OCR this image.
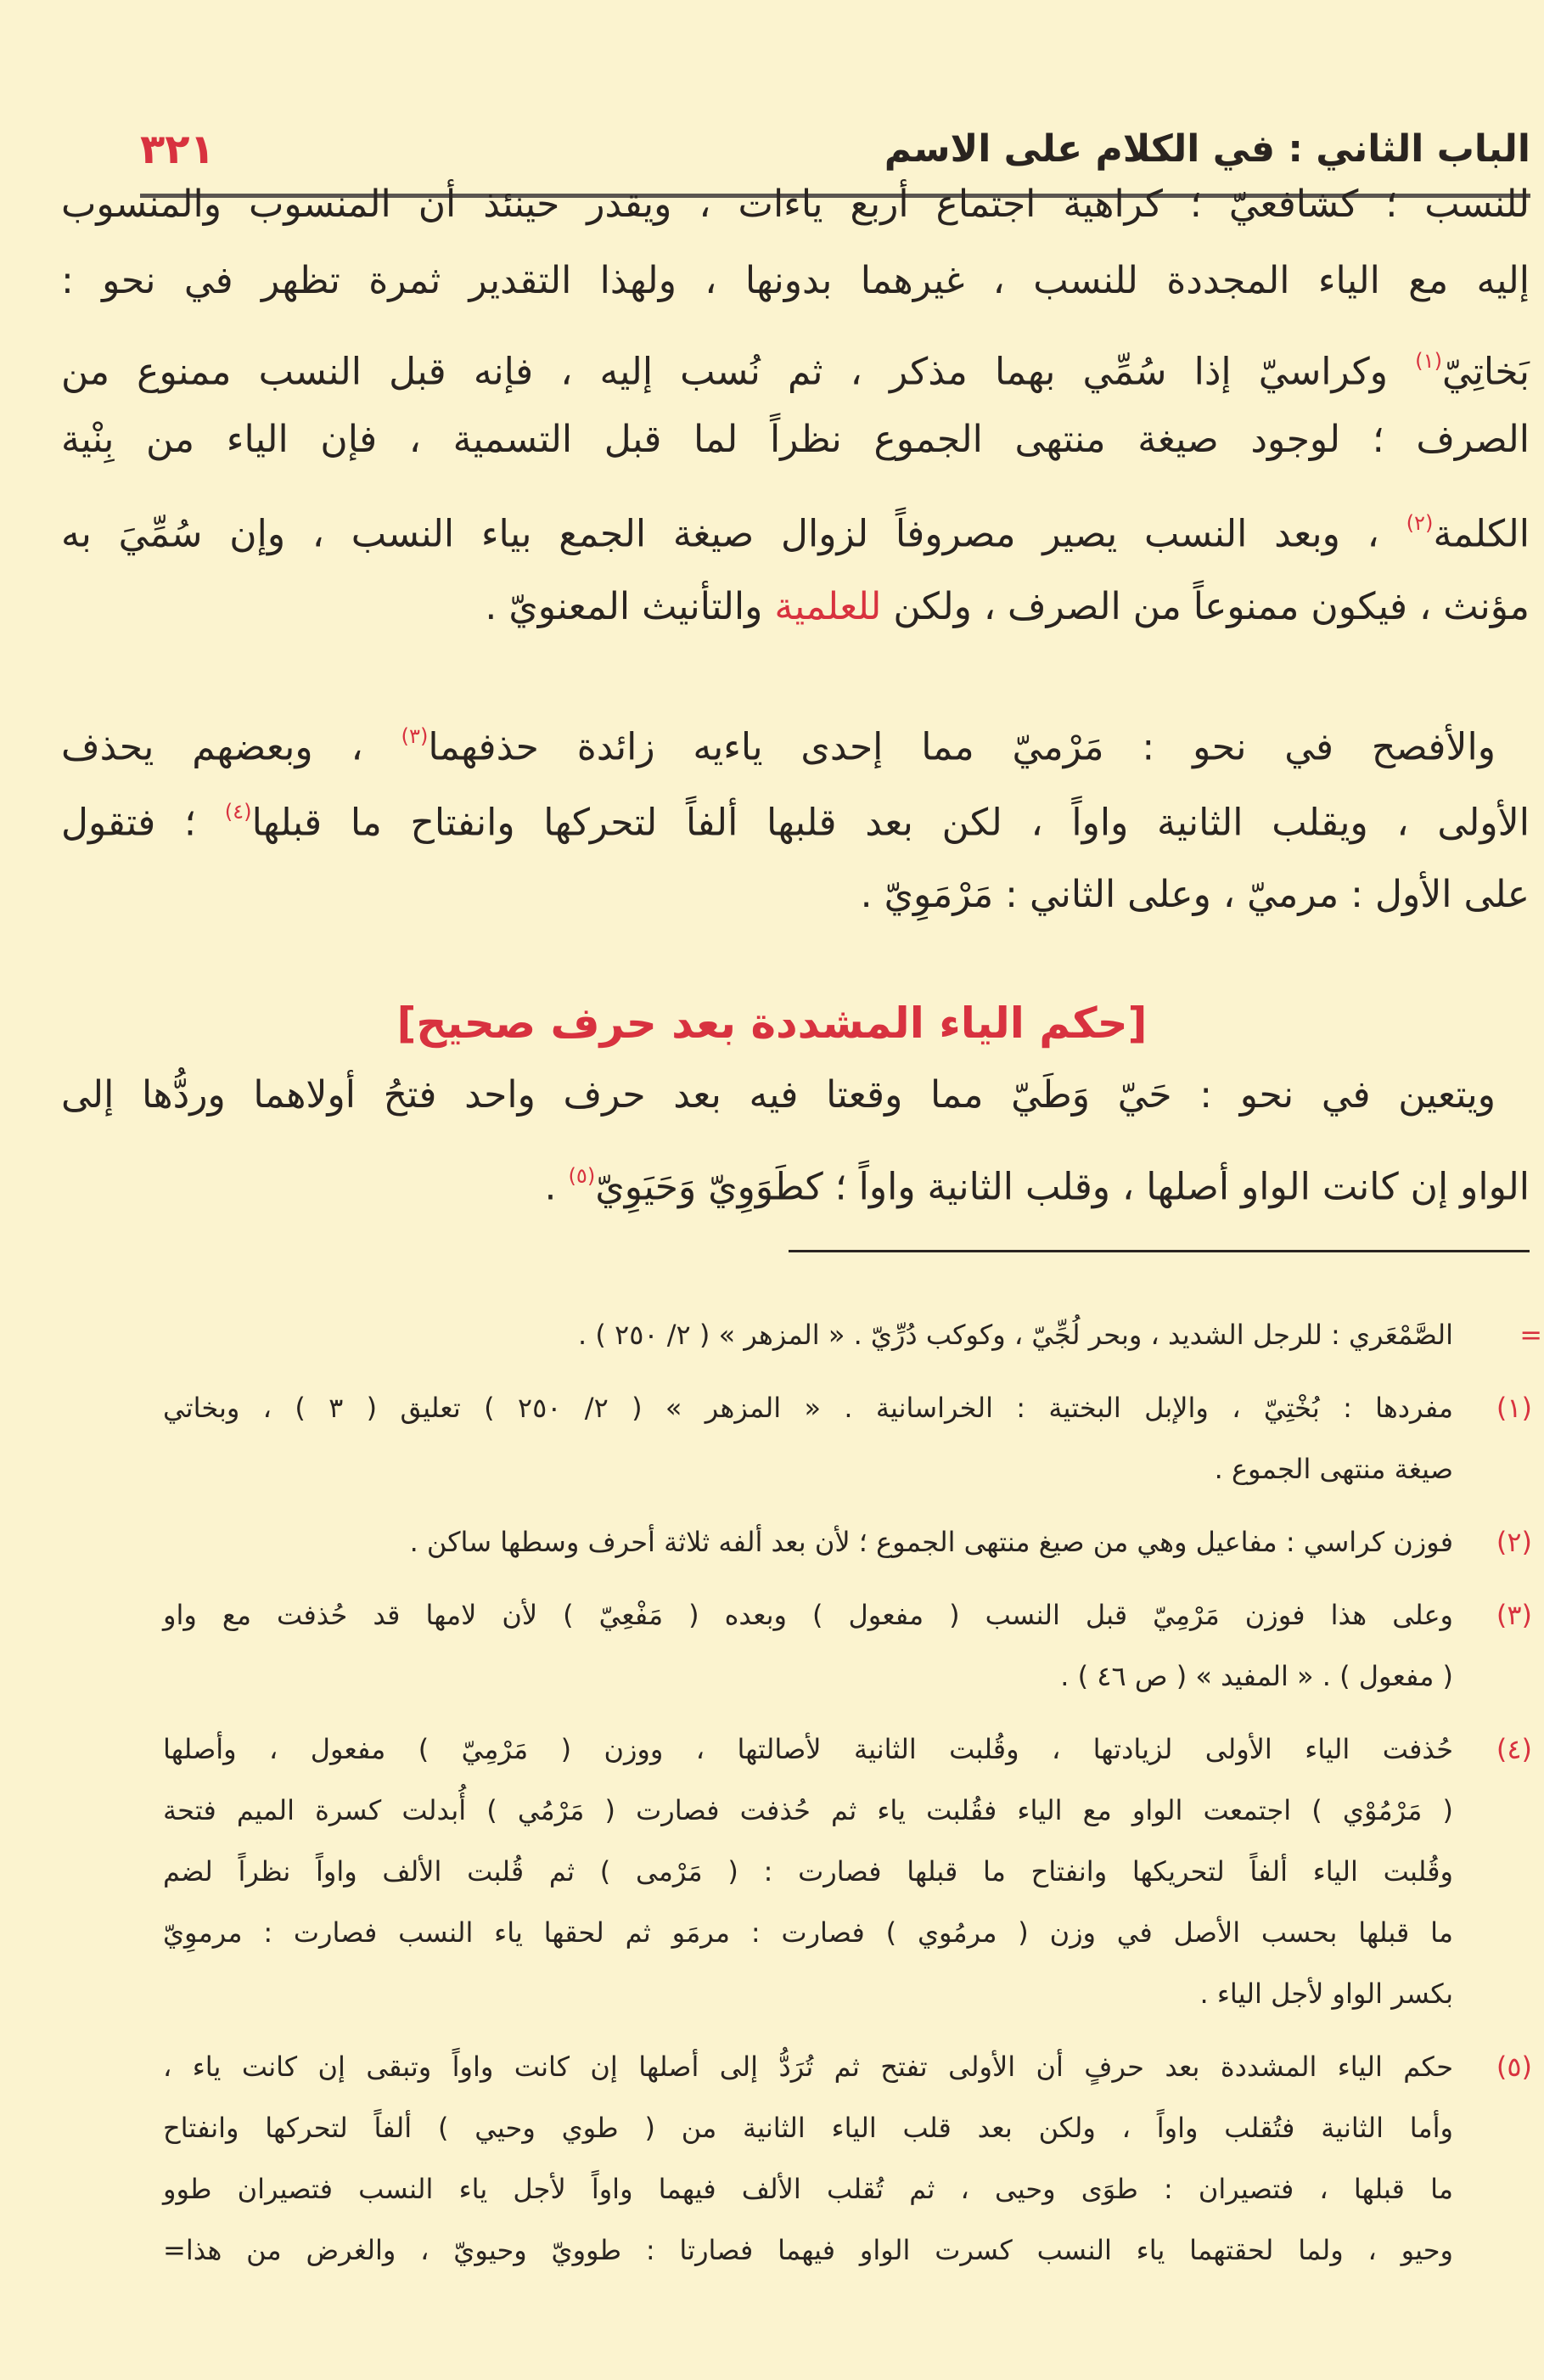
الباب الثاني : في الكلام على الاسم
٣٢١
للنسب ؛ كشافعيّ ؛ كراهية اجتماع أربع ياءات ، ويقدر حينئذ أن المنسوب والمنسوب
إليه مع الياء المجددة للنسب ، غيرهما بدونها ، ولهذا التقدير ثمرة تظهر في نحو :
بَخاتِيّ$^{(١)}$ وكراسيّ إذا سُمِّي بهما مذكر ، ثم نُسب إليه ، فإنه قبل النسب ممنوع من
الصرف ؛ لوجود صيغة منتهى الجموع نظراً لما قبل التسمية ، فإن الياء من بِنْية
الكلمة$^{(٢)}$ ، وبعد النسب يصير مصروفاً لزوال صيغة الجمع بياء النسب ، وإن سُمِّيَ به
مؤنث ، فيكون ممنوعاً من الصرف ، ولكن للعلمية والتأنيث المعنويّ .
والأفصح في نحو : مَرْميّ مما إحدى ياءيه زائدة حذفهما$^{(٣)}$ ، وبعضهم يحذف
الأولى ، ويقلب الثانية واواً ، لكن بعد قلبها ألفاً لتحركها وانفتاح ما قبلها$^{(٤)}$ ؛ فتقول
على الأول : مرميّ ، وعلى الثاني : مَرْمَوِيّ .
ويتعين في نحو : حَيّ وَطَيّ مما وقعتا فيه بعد حرف واحد فتحُ أولاهما وردُّها إلى
الواو إن كانت الواو أصلها ، وقلب الثانية واواً ؛ كطَوَوِيّ وَحَيَوِيّ$^{(٥)}$ .
[حكم الياء المشددة بعد حرف صحيح]
=
الصَّمْعَري : للرجل الشديد ، وبحر لُجِّيّ ، وكوكب دُرِّيّ . « المزهر » ( ٢/ ٢٥٠ ) .
(١)
مفردها : بُخْتِيّ ، والإبل البختية : الخراسانية . « المزهر » ( ٢/ ٢٥٠ ) تعليق ( ٣ ) ، وبخاتي
صيغة منتهى الجموع .
(٢)
فوزن كراسي : مفاعيل وهي من صيغ منتهى الجموع ؛ لأن بعد ألفه ثلاثة أحرف وسطها ساكن .
(٣)
وعلى هذا فوزن مَرْمِيّ قبل النسب ( مفعول ) وبعده ( مَفْعِيّ ) لأن لامها قد حُذفت مع واو
( مفعول ) . « المفيد » ( ص ٤٦ ) .
(٤)
حُذفت الياء الأولى لزيادتها ، وقُلبت الثانية لأصالتها ، ووزن ( مَرْمِيّ ) مفعول ، وأصلها
( مَرْمُوْي ) اجتمعت الواو مع الياء فقُلبت ياء ثم حُذفت فصارت ( مَرْمُي ) أُبدلت كسرة الميم فتحة
وقُلبت الياء ألفاً لتحريكها وانفتاح ما قبلها فصارت : ( مَرْمى ) ثم قُلبت الألف واواً نظراً لضم
ما قبلها بحسب الأصل في وزن ( مرمُوي ) فصارت : مرمَو ثم لحقها ياء النسب فصارت : مرموِيّ
بكسر الواو لأجل الياء .
(٥)
حكم الياء المشددة بعد حرفٍ أن الأولى تفتح ثم تُرَدُّ إلى أصلها إن كانت واواً وتبقى إن كانت ياء ،
وأما الثانية فتُقلب واواً ، ولكن بعد قلب الياء الثانية من ( طوي وحيي ) ألفاً لتحركها وانفتاح
ما قبلها ، فتصيران : طوَى وحيى ، ثم تُقلب الألف فيهما واواً لأجل ياء النسب فتصيران طوو
وحيو ، ولما لحقتهما ياء النسب كسرت الواو فيهما فصارتا : طوويّ وحيويّ ، والغرض من هذا=
